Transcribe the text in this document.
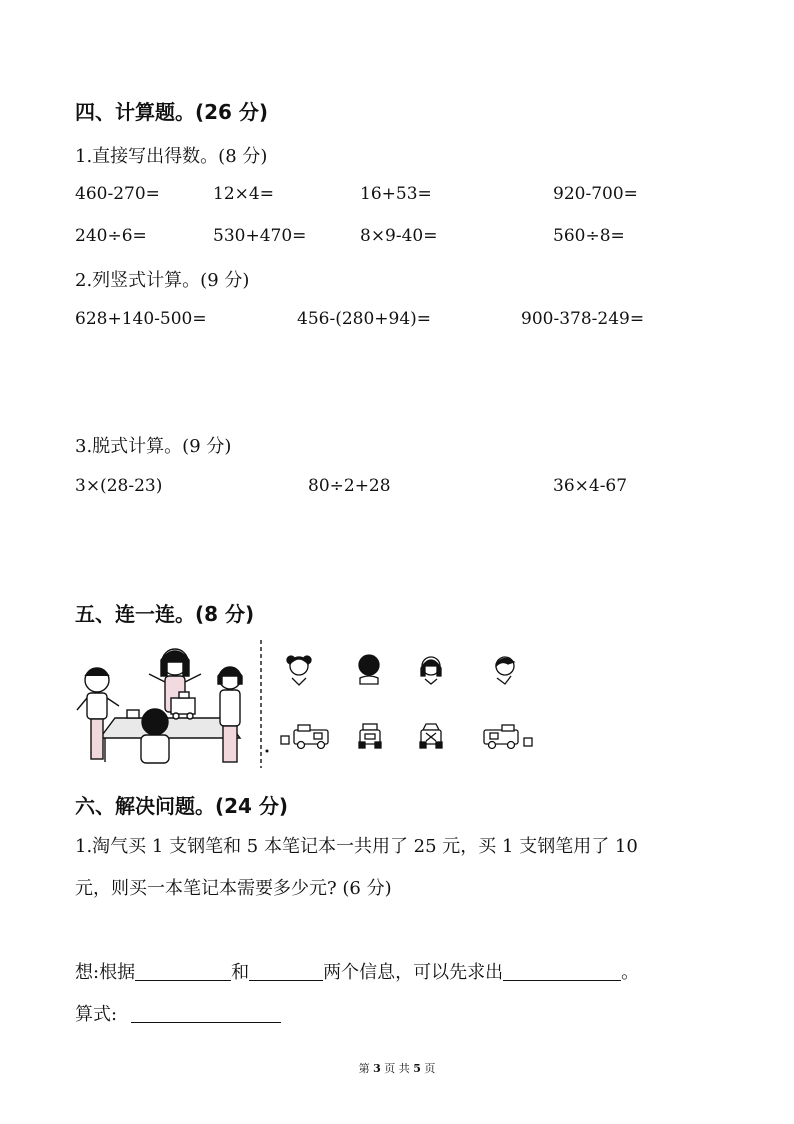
四、计算题。(26 分)
1.直接写出得数。(8 分)
460-270=	12×4=	16+53=	920-700=
240÷6=	530+470=	8×9-40=	560÷8=
2.列竖式计算。(9 分)
628+140-500=	456-(280+94)=	900-378-249=
3.脱式计算。(9 分)
3×(28-23)	80÷2+28	36×4-67
五、连一连。(8 分)
六、解决问题。(24 分)
1.淘气买 1 支钢笔和 5 本笔记本一共用了 25 元，买 1 支钢笔用了 10
元，则买一本笔记本需要多少元? (6 分)
想:根据	和	两个信息，可以先求出	。
算式:
第 3 页 共 5 页
